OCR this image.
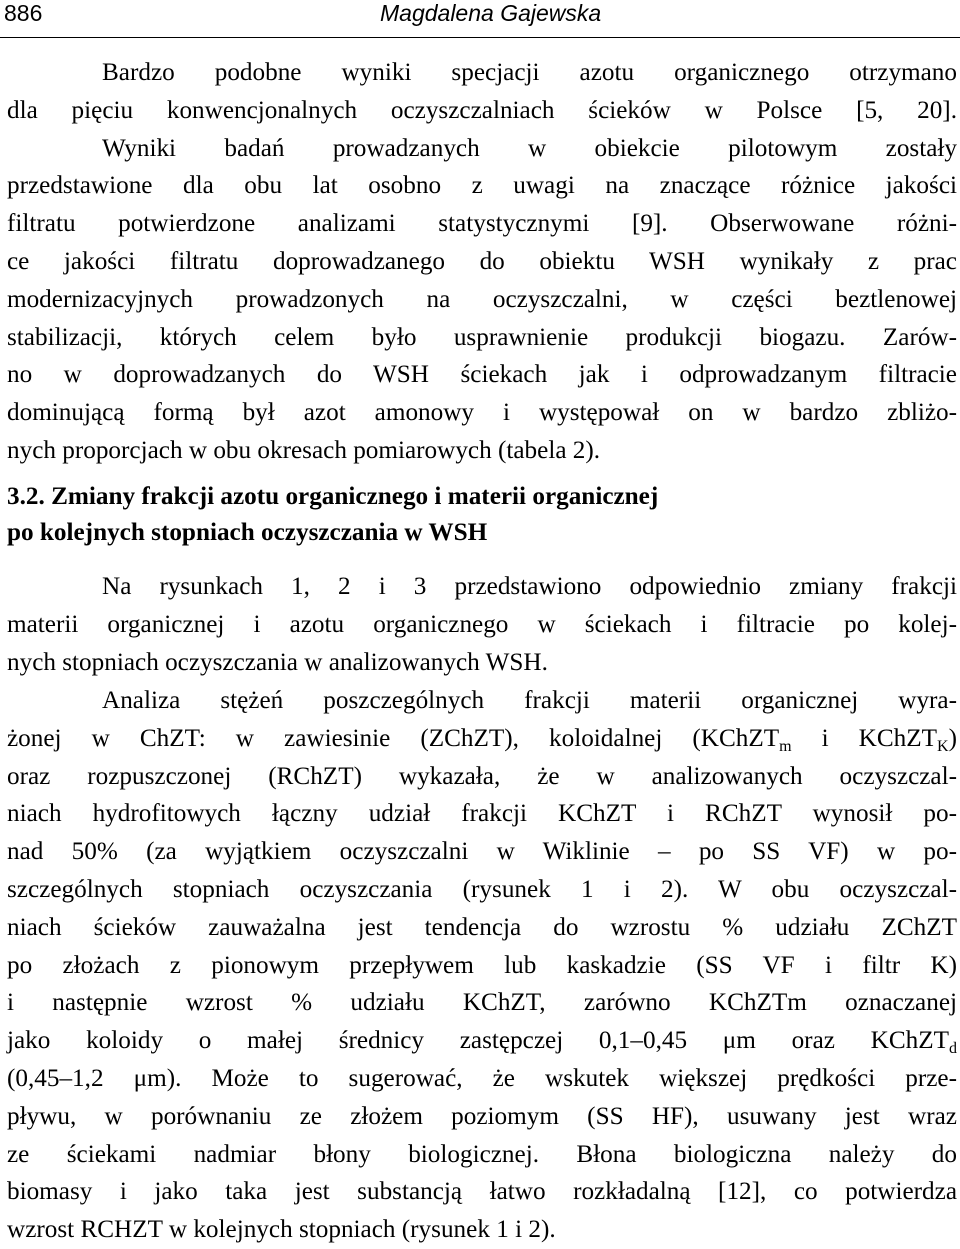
886	Magdalena Gajewska
Bardzo podobne wyniki specjacji azotu organicznego otrzymano
dla pięciu konwencjonalnych oczyszczalniach ścieków w Polsce [5, 20].
Wyniki badań prowadzanych w obiekcie pilotowym zostały
przedstawione dla obu lat osobno z uwagi na znaczące różnice jakości
filtratu potwierdzone analizami statystycznymi [9]. Obserwowane różni-
ce jakości filtratu doprowadzanego do obiektu WSH wynikały z prac
modernizacyjnych prowadzonych na oczyszczalni, w części beztlenowej
stabilizacji, których celem było usprawnienie produkcji biogazu. Zarów-
no w doprowadzanych do WSH ściekach jak i odprowadzanym filtracie
dominującą formą był azot amonowy i występował on w bardzo zbliżo-
nych proporcjach w obu okresach pomiarowych (tabela 2).
3.2. Zmiany frakcji azotu organicznego i materii organicznej
po kolejnych stopniach oczyszczania w WSH
Na rysunkach 1, 2 i 3 przedstawiono odpowiednio zmiany frakcji
materii organicznej i azotu organicznego w ściekach i filtracie po kolej-
nych stopniach oczyszczania w analizowanych WSH.
Analiza stężeń poszczególnych frakcji materii organicznej wyra-
żonej w ChZT: w zawiesinie (ZChZT), koloidalnej (KChZT$_m$ i KChZT$_K$)
oraz rozpuszczonej (RChZT) wykazała, że w analizowanych oczyszczal-
niach hydrofitowych łączny udział frakcji KChZT i RChZT wynosił po-
nad 50% (za wyjątkiem oczyszczalni w Wiklinie – po SS VF) w po-
szczególnych stopniach oczyszczania (rysunek 1 i 2). W obu oczyszczal-
niach ścieków zauważalna jest tendencja do wzrostu % udziału ZChZT
po złożach z pionowym przepływem lub kaskadzie (SS VF i filtr K)
i następnie wzrost % udziału KChZT, zarówno KChZTm oznaczanej
jako koloidy o małej średnicy zastępczej 0,1–0,45 μm oraz KChZT$_d$
(0,45–1,2 μm). Może to sugerować, że wskutek większej prędkości prze-
pływu, w porównaniu ze złożem poziomym (SS HF), usuwany jest wraz
ze ściekami nadmiar błony biologicznej. Błona biologiczna należy do
biomasy i jako taka jest substancją łatwo rozkładalną [12], co potwierdza
wzrost RCHZT w kolejnych stopniach (rysunek 1 i 2).
